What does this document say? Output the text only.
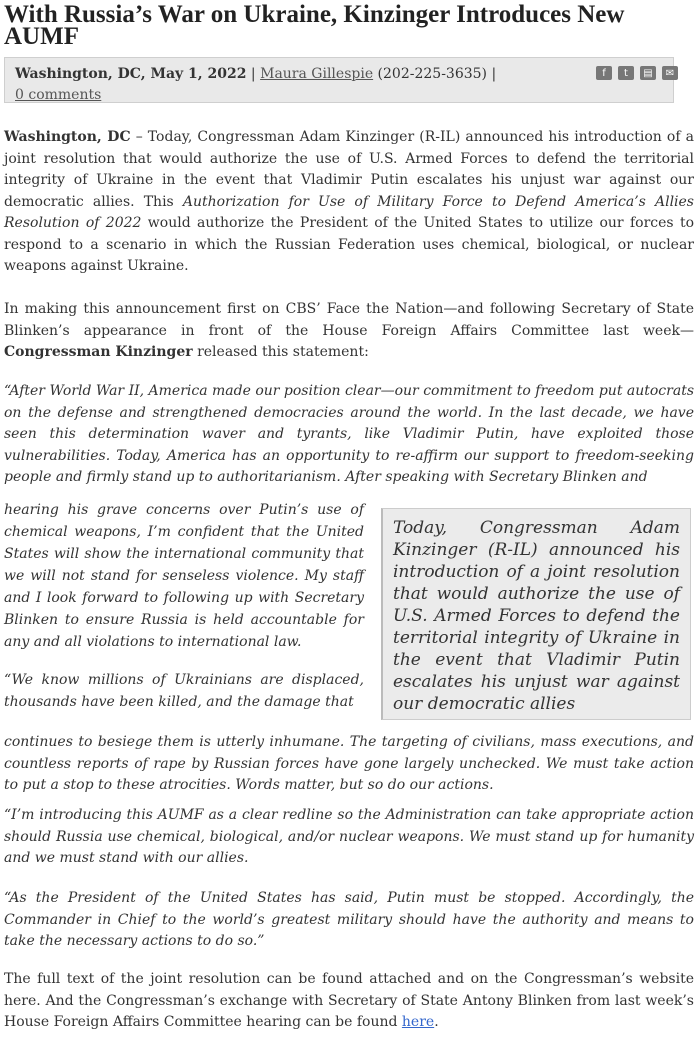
With Russia’s War on Ukraine, Kinzinger Introduces New AUMF
Washington, DC, May 1, 2022 | Maura Gillespie (202-225-3635) |
0 comments
f	t	▤	✉

Washington, DC – Today, Congressman Adam Kinzinger (R-IL) announced his introduction of a joint resolution that would authorize the use of U.S. Armed Forces to defend the territorial integrity of Ukraine in the event that Vladimir Putin escalates his unjust war against our democratic allies. This Authorization for Use of Military Force to Defend America’s Allies Resolution of 2022 would authorize the President of the United States to utilize our forces to respond to a scenario in which the Russian Federation uses chemical, biological, or nuclear weapons against Ukraine.

In making this announcement first on CBS’ Face the Nation—and following Secretary of State Blinken’s appearance in front of the House Foreign Affairs Committee last week—Congressman Kinzinger released this statement:

“After World War II, America made our position clear—our commitment to freedom put autocrats on the defense and strengthened democracies around the world. In the last decade, we have seen this determination waver and tyrants, like Vladimir Putin, have exploited those vulnerabilities. Today, America has an opportunity to re-affirm our support to freedom-seeking people and firmly stand up to authoritarianism. After speaking with Secretary Blinken and

hearing his grave concerns over Putin’s use of chemical weapons, I’m confident that the United States will show the international community that we will not stand for senseless violence. My staff and I look forward to following up with Secretary Blinken to ensure Russia is held accountable for any and all violations to international law.

“We know millions of Ukrainians are displaced, thousands have been killed, and the damage that

Today, Congressman Adam Kinzinger (R-IL) announced his introduction of a joint resolution that would authorize the use of U.S. Armed Forces to defend the territorial integrity of Ukraine in the event that Vladimir Putin escalates his unjust war against our democratic allies

continues to besiege them is utterly inhumane. The targeting of civilians, mass executions, and countless reports of rape by Russian forces have gone largely unchecked. We must take action to put a stop to these atrocities. Words matter, but so do our actions.

“I’m introducing this AUMF as a clear redline so the Administration can take appropriate action should Russia use chemical, biological, and/or nuclear weapons. We must stand up for humanity and we must stand with our allies.

“As the President of the United States has said, Putin must be stopped. Accordingly, the Commander in Chief to the world’s greatest military should have the authority and means to take the necessary actions to do so.”

The full text of the joint resolution can be found attached and on the Congressman’s website here. And the Congressman’s exchange with Secretary of State Antony Blinken from last week’s House Foreign Affairs Committee hearing can be found here.
